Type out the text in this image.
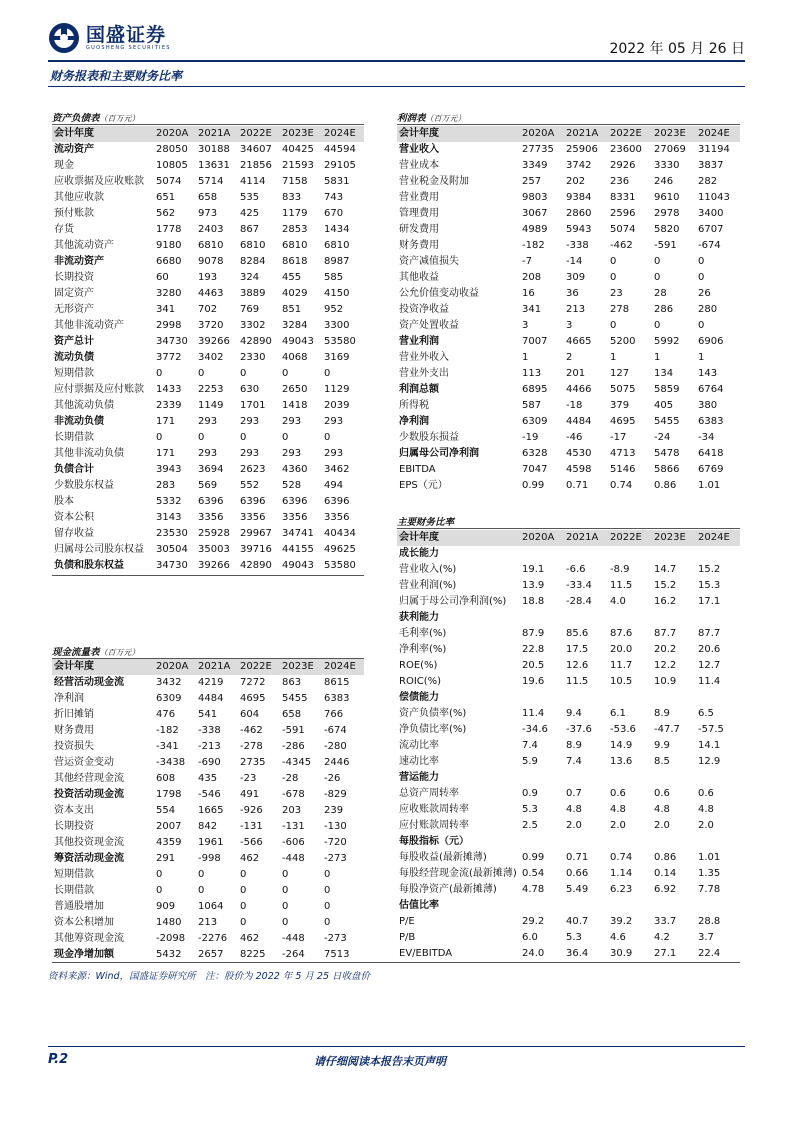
国盛证券
GUOSHENG SECURITIES	2022 年 05 月 26 日
财务报表和主要财务比率
资产负债表（百万元）
会计年度	2020A	2021A	2022E	2023E	2024E
流动资产	28050	30188	34607	40425	44594
现金	10805	13631	21856	21593	29105
应收票据及应收账款	5074	5714	4114	7158	5831
其他应收款	651	658	535	833	743
预付账款	562	973	425	1179	670
存货	1778	2403	867	2853	1434
其他流动资产	9180	6810	6810	6810	6810
非流动资产	6680	9078	8284	8618	8987
长期投资	60	193	324	455	585
固定资产	3280	4463	3889	4029	4150
无形资产	341	702	769	851	952
其他非流动资产	2998	3720	3302	3284	3300
资产总计	34730	39266	42890	49043	53580
流动负债	3772	3402	2330	4068	3169
短期借款	0	0	0	0	0
应付票据及应付账款	1433	2253	630	2650	1129
其他流动负债	2339	1149	1701	1418	2039
非流动负债	171	293	293	293	293
长期借款	0	0	0	0	0
其他非流动负债	171	293	293	293	293
负债合计	3943	3694	2623	4360	3462
少数股东权益	283	569	552	528	494
股本	5332	6396	6396	6396	6396
资本公积	3143	3356	3356	3356	3356
留存收益	23530	25928	29967	34741	40434
归属母公司股东权益	30504	35003	39716	44155	49625
负债和股东权益	34730	39266	42890	49043	53580
利润表（百万元）
会计年度	2020A	2021A	2022E	2023E	2024E
营业收入	27735	25906	23600	27069	31194
营业成本	3349	3742	2926	3330	3837
营业税金及附加	257	202	236	246	282
营业费用	9803	9384	8331	9610	11043
管理费用	3067	2860	2596	2978	3400
研发费用	4989	5943	5074	5820	6707
财务费用	-182	-338	-462	-591	-674
资产减值损失	-7	-14	0	0	0
其他收益	208	309	0	0	0
公允价值变动收益	16	36	23	28	26
投资净收益	341	213	278	286	280
资产处置收益	3	3	0	0	0
营业利润	7007	4665	5200	5992	6906
营业外收入	1	2	1	1	1
营业外支出	113	201	127	134	143
利润总额	6895	4466	5075	5859	6764
所得税	587	-18	379	405	380
净利润	6309	4484	4695	5455	6383
少数股东损益	-19	-46	-17	-24	-34
归属母公司净利润	6328	4530	4713	5478	6418
EBITDA	7047	4598	5146	5866	6769
EPS（元）	0.99	0.71	0.74	0.86	1.01
主要财务比率
会计年度	2020A	2021A	2022E	2023E	2024E
成长能力					
营业收入(%)	19.1	-6.6	-8.9	14.7	15.2
营业利润(%)	13.9	-33.4	11.5	15.2	15.3
归属于母公司净利润(%)	18.8	-28.4	4.0	16.2	17.1
获利能力					
毛利率(%)	87.9	85.6	87.6	87.7	87.7
净利率(%)	22.8	17.5	20.0	20.2	20.6
ROE(%)	20.5	12.6	11.7	12.2	12.7
ROIC(%)	19.6	11.5	10.5	10.9	11.4
偿债能力					
资产负债率(%)	11.4	9.4	6.1	8.9	6.5
净负债比率(%)	-34.6	-37.6	-53.6	-47.7	-57.5
流动比率	7.4	8.9	14.9	9.9	14.1
速动比率	5.9	7.4	13.6	8.5	12.9
营运能力					
总资产周转率	0.9	0.7	0.6	0.6	0.6
应收账款周转率	5.3	4.8	4.8	4.8	4.8
应付账款周转率	2.5	2.0	2.0	2.0	2.0
每股指标（元）					
每股收益(最新摊薄)	0.99	0.71	0.74	0.86	1.01
每股经营现金流(最新摊薄)	0.54	0.66	1.14	0.14	1.35
每股净资产(最新摊薄)	4.78	5.49	6.23	6.92	7.78
估值比率					
P/E	29.2	40.7	39.2	33.7	28.8
P/B	6.0	5.3	4.6	4.2	3.7
EV/EBITDA	24.0	36.4	30.9	27.1	22.4
现金流量表（百万元）
会计年度	2020A	2021A	2022E	2023E	2024E
经营活动现金流	3432	4219	7272	863	8615
净利润	6309	4484	4695	5455	6383
折旧摊销	476	541	604	658	766
财务费用	-182	-338	-462	-591	-674
投资损失	-341	-213	-278	-286	-280
营运资金变动	-3438	-690	2735	-4345	2446
其他经营现金流	608	435	-23	-28	-26
投资活动现金流	1798	-546	491	-678	-829
资本支出	554	1665	-926	203	239
长期投资	2007	842	-131	-131	-130
其他投资现金流	4359	1961	-566	-606	-720
筹资活动现金流	291	-998	462	-448	-273
短期借款	0	0	0	0	0
长期借款	0	0	0	0	0
普通股增加	909	1064	0	0	0
资本公积增加	1480	213	0	0	0
其他筹资现金流	-2098	-2276	462	-448	-273
现金净增加额	5432	2657	8225	-264	7513
资料来源：Wind，国盛证券研究所　注：股价为 2022 年 5 月 25 日收盘价
P.2	请仔细阅读本报告末页声明
